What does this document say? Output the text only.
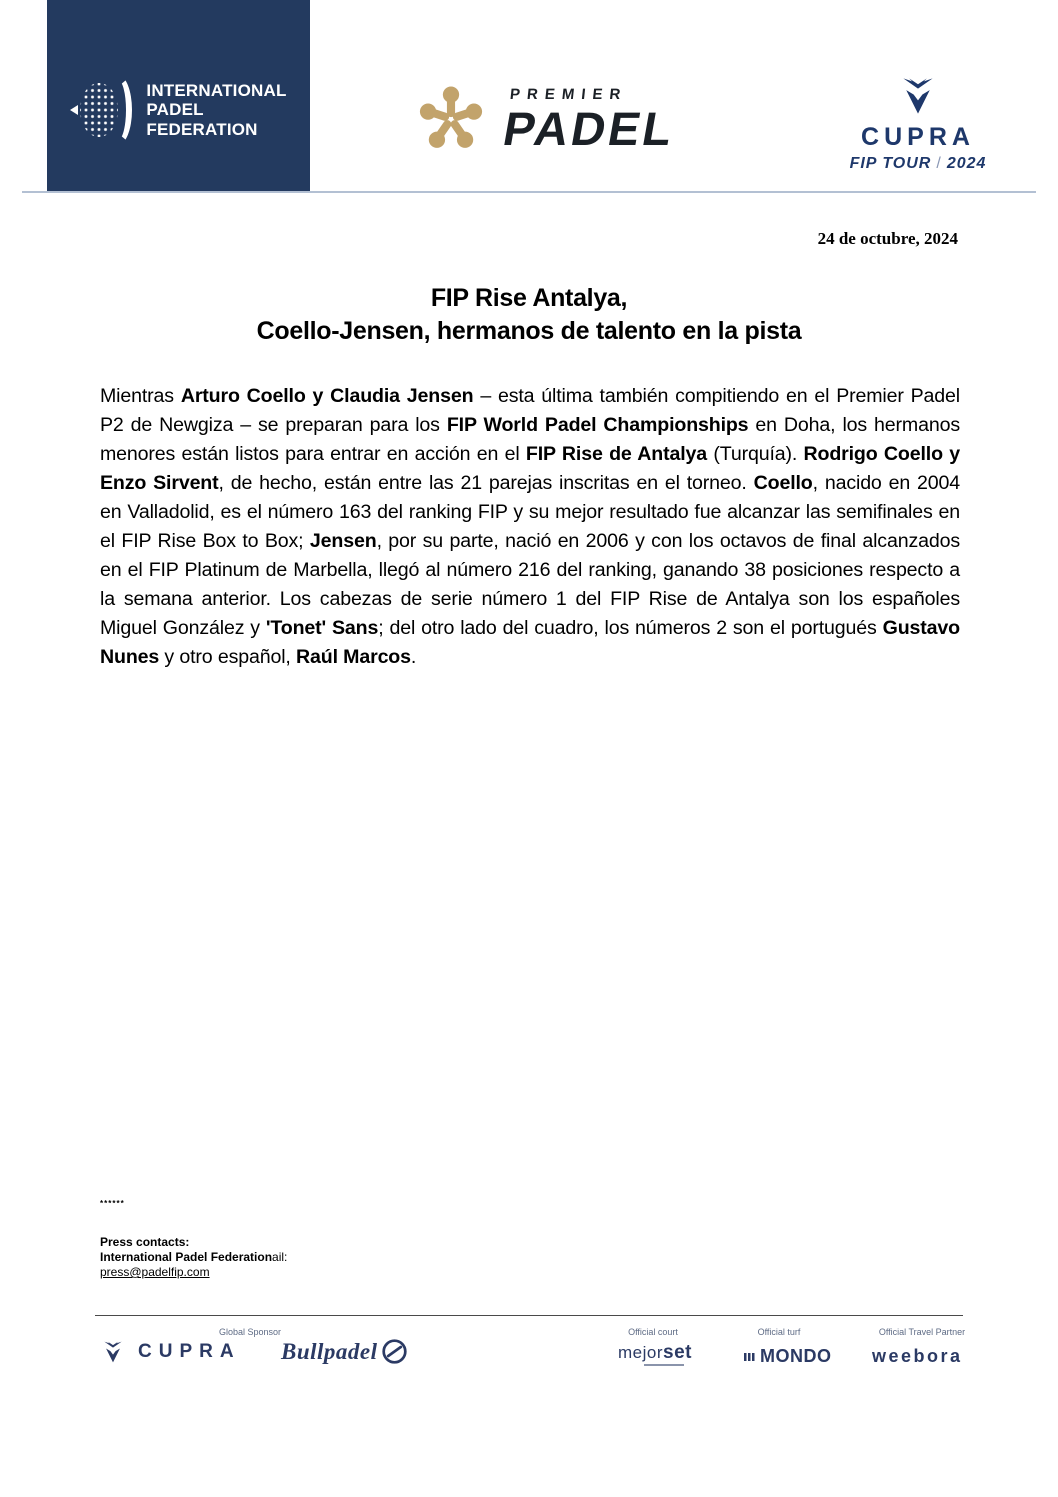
INTERNATIONAL
PADEL
FEDERATION
PREMIER
PADEL	CUPRA
FIP TOUR / 2024
24 de octubre, 2024
FIP Rise Antalya,
Coello-Jensen, hermanos de talento en la pista
Mientras Arturo Coello y Claudia Jensen – esta última también compitiendo en el Premier Padel P2 de Newgiza – se preparan para los FIP World Padel Championships en Doha, los hermanos menores están listos para entrar en acción en el FIP Rise de Antalya (Turquía). Rodrigo Coello y Enzo Sirvent, de hecho, están entre las 21 parejas inscritas en el torneo. Coello, nacido en 2004 en Valladolid, es el número 163 del ranking FIP y su mejor resultado fue alcanzar las semifinales en el FIP Rise Box to Box; Jensen, por su parte, nació en 2006 y con los octavos de final alcanzados en el FIP Platinum de Marbella, llegó al número 216 del ranking, ganando 38 posiciones respecto a la semana anterior. Los cabezas de serie número 1 del FIP Rise de Antalya son los españoles Miguel González y 'Tonet' Sans; del otro lado del cuadro, los números 2 son el portugués Gustavo Nunes y otro español, Raúl Marcos.
******
Press contacts:
International Padel Federationail:
press@padelfip.com
Global Sponsor	Official court	Official turf	Official Travel Partner
CUPRA Bullpadel	mejorset	MONDO weebora
